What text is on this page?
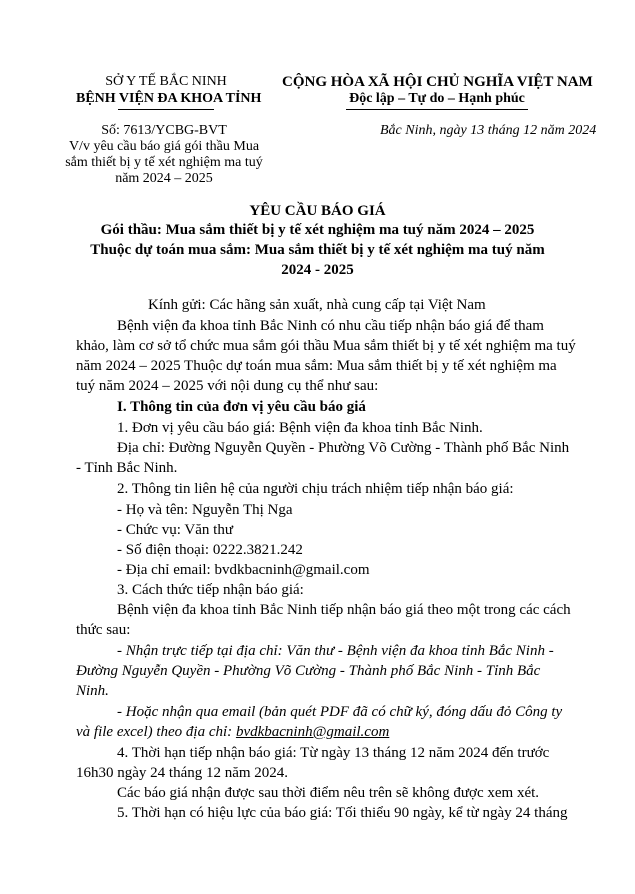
SỞ Y TẾ BẮC NINH
BỆNH VIỆN ĐA KHOA TỈNH
CỘNG HÒA XÃ HỘI CHỦ NGHĨA VIỆT NAM
Độc lập – Tự do – Hạnh phúc
Số: 7613/YCBG-BVT
V/v yêu cầu báo giá gói thầu Mua
sắm thiết bị y tế xét nghiệm ma tuý
năm 2024 – 2025
Bắc Ninh, ngày 13 tháng 12 năm 2024
YÊU CẦU BÁO GIÁ
Gói thầu: Mua sắm thiết bị y tế xét nghiệm ma tuý năm 2024 – 2025
Thuộc dự toán mua sắm: Mua sắm thiết bị y tế xét nghiệm ma tuý năm
2024 - 2025
Kính gửi: Các hãng sản xuất, nhà cung cấp tại Việt Nam
Bệnh viện đa khoa tỉnh Bắc Ninh có nhu cầu tiếp nhận báo giá để tham
khảo, làm cơ sở tổ chức mua sắm gói thầu Mua sắm thiết bị y tế xét nghiệm ma tuý
năm 2024 – 2025 Thuộc dự toán mua sắm: Mua sắm thiết bị y tế xét nghiệm ma
tuý năm 2024 – 2025 với nội dung cụ thể như sau:
I. Thông tin của đơn vị yêu cầu báo giá
1. Đơn vị yêu cầu báo giá: Bệnh viện đa khoa tỉnh Bắc Ninh.
Địa chỉ: Đường Nguyễn Quyền - Phường Võ Cường - Thành phố Bắc Ninh
- Tỉnh Bắc Ninh.
2. Thông tin liên hệ của người chịu trách nhiệm tiếp nhận báo giá:
- Họ và tên: Nguyễn Thị Nga
- Chức vụ: Văn thư
- Số điện thoại: 0222.3821.242
- Địa chỉ email: bvdkbacninh@gmail.com
3. Cách thức tiếp nhận báo giá:
Bệnh viện đa khoa tỉnh Bắc Ninh tiếp nhận báo giá theo một trong các cách
thức sau:
- Nhận trực tiếp tại địa chỉ: Văn thư - Bệnh viện đa khoa tỉnh Bắc Ninh -
Đường Nguyễn Quyền - Phường Võ Cường - Thành phố Bắc Ninh - Tỉnh Bắc
Ninh.
- Hoặc nhận qua email (bản quét PDF đã có chữ ký, đóng dấu đỏ Công ty
và file excel) theo địa chỉ: bvdkbacninh@gmail.com
4. Thời hạn tiếp nhận báo giá: Từ ngày 13 tháng 12 năm 2024 đến trước
16h30 ngày 24 tháng 12 năm 2024.
Các báo giá nhận được sau thời điểm nêu trên sẽ không được xem xét.
5. Thời hạn có hiệu lực của báo giá: Tối thiểu 90 ngày, kể từ ngày 24 tháng
